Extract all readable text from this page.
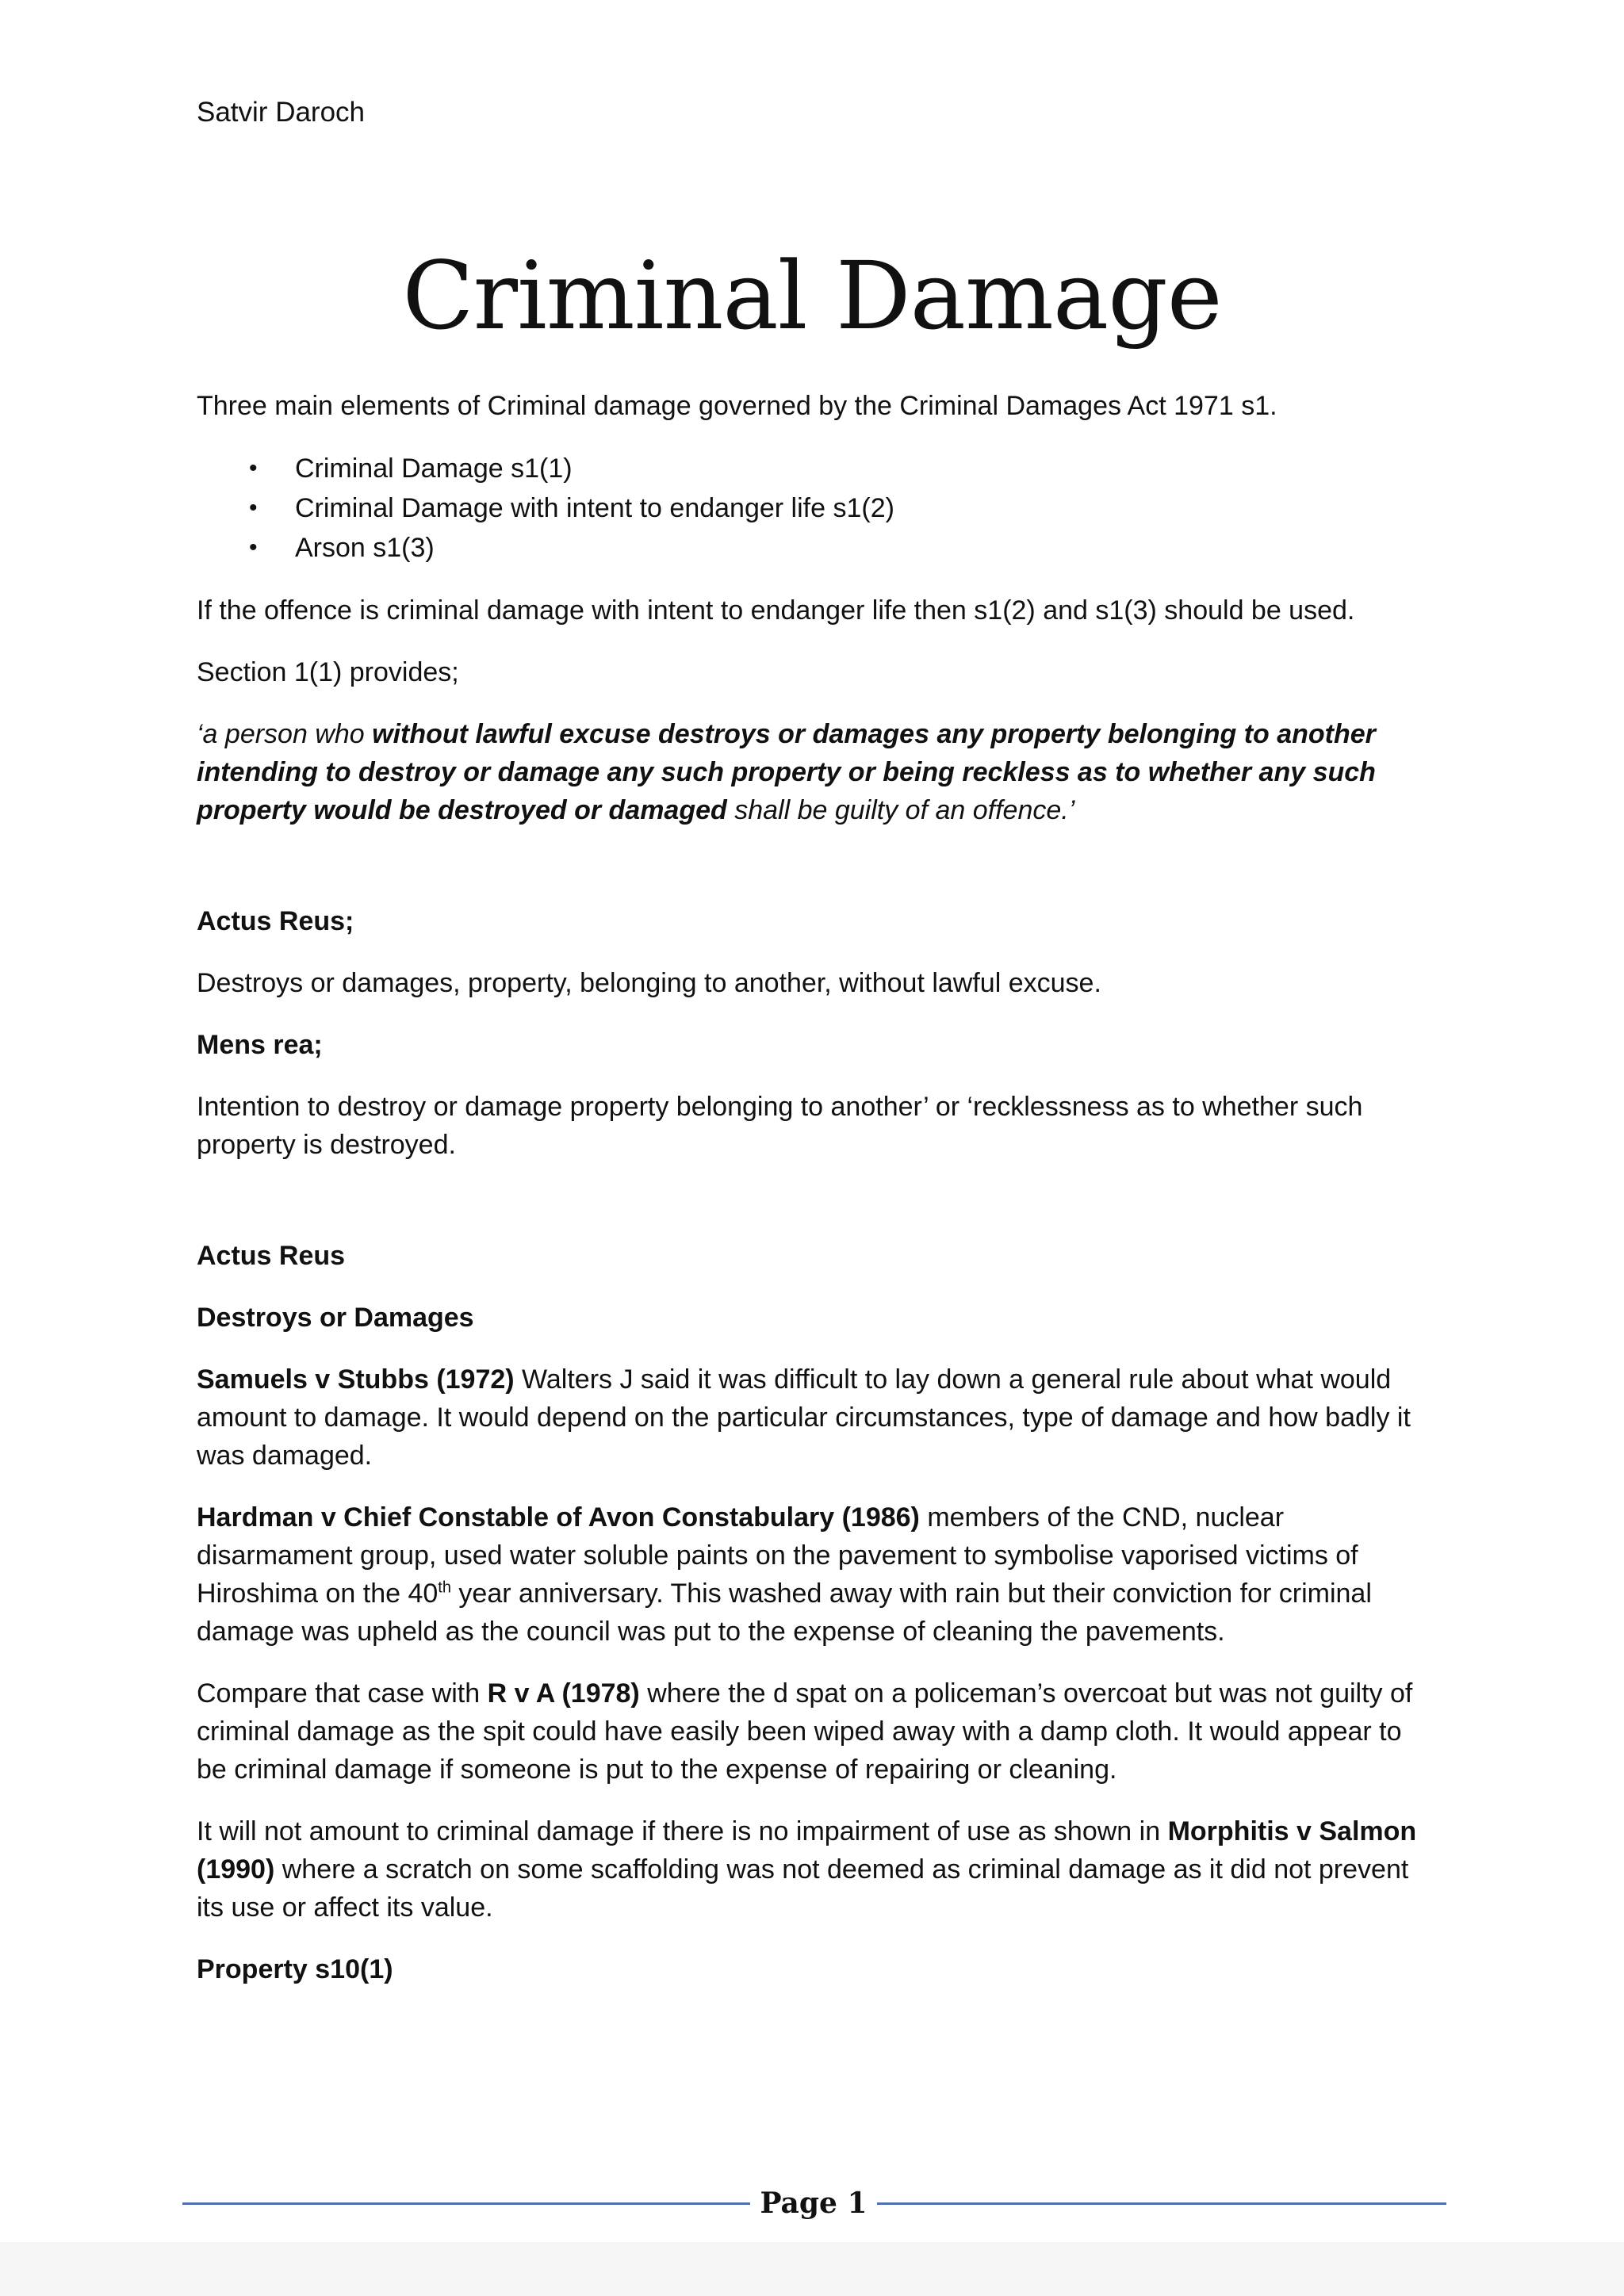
Satvir Daroch
Criminal Damage

Three main elements of Criminal damage governed by the Criminal Damages Act 1971 s1.

• Criminal Damage s1(1)
• Criminal Damage with intent to endanger life s1(2)
• Arson s1(3)

If the offence is criminal damage with intent to endanger life then s1(2) and s1(3) should be used.

Section 1(1) provides;

‘a person who without lawful excuse destroys or damages any property belonging to another intending to destroy or damage any such property or being reckless as to whether any such property would be destroyed or damaged shall be guilty of an offence.’

Actus Reus;

Destroys or damages, property, belonging to another, without lawful excuse.

Mens rea;

Intention to destroy or damage property belonging to another’ or ‘recklessness as to whether such property is destroyed.

Actus Reus

Destroys or Damages

Samuels v Stubbs (1972) Walters J said it was difficult to lay down a general rule about what would amount to damage. It would depend on the particular circumstances, type of damage and how badly it was damaged.

Hardman v Chief Constable of Avon Constabulary (1986) members of the CND, nuclear disarmament group, used water soluble paints on the pavement to symbolise vaporised victims of Hiroshima on the 40th year anniversary. This washed away with rain but their conviction for criminal damage was upheld as the council was put to the expense of cleaning the pavements.

Compare that case with R v A (1978) where the d spat on a policeman’s overcoat but was not guilty of criminal damage as the spit could have easily been wiped away with a damp cloth. It would appear to be criminal damage if someone is put to the expense of repairing or cleaning.

It will not amount to criminal damage if there is no impairment of use as shown in Morphitis v Salmon (1990) where a scratch on some scaffolding was not deemed as criminal damage as it did not prevent its use or affect its value.

Property s10(1)

Page 1
